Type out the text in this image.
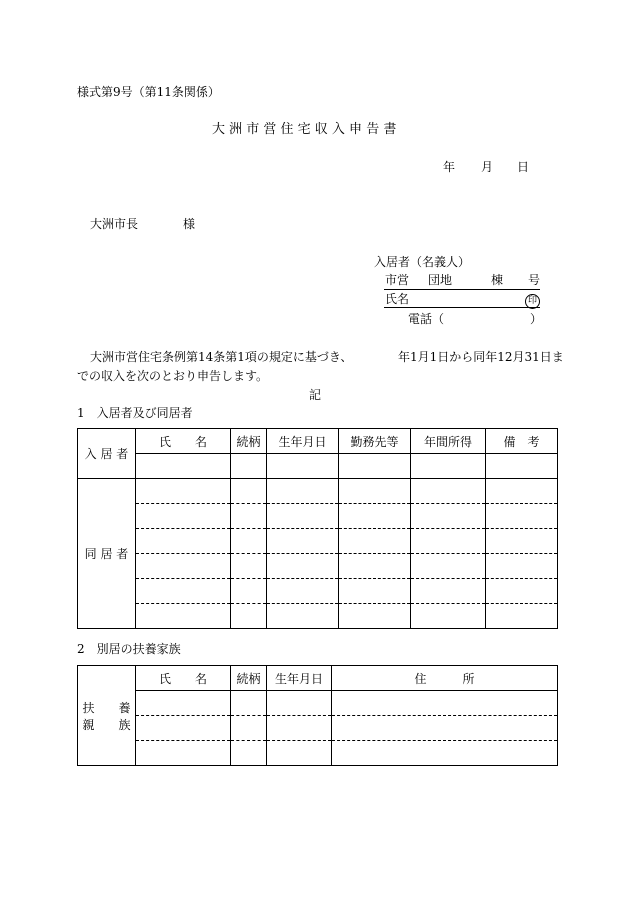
様式第9号（第11条関係）
大 洲 市 営 住 宅 収 入 申 告 書
年 月 日
大洲市長	様
入居者（名義人）
市営 団地	棟 号
氏名	印
電話（	）
大洲市営住宅条例第14条第1項の規定に基づき、	年1月1日から同年12月31日ま
での収入を次のとおり申告します。
記
1　入居者及び同居者
入 居 者	氏　　名	続柄	生年月日	勤務先等	年間所得	備　考

同 居 者						

2　別居の扶養家族
扶　　養
親　　族	氏　　名	続柄	生年月日	住　　　所
